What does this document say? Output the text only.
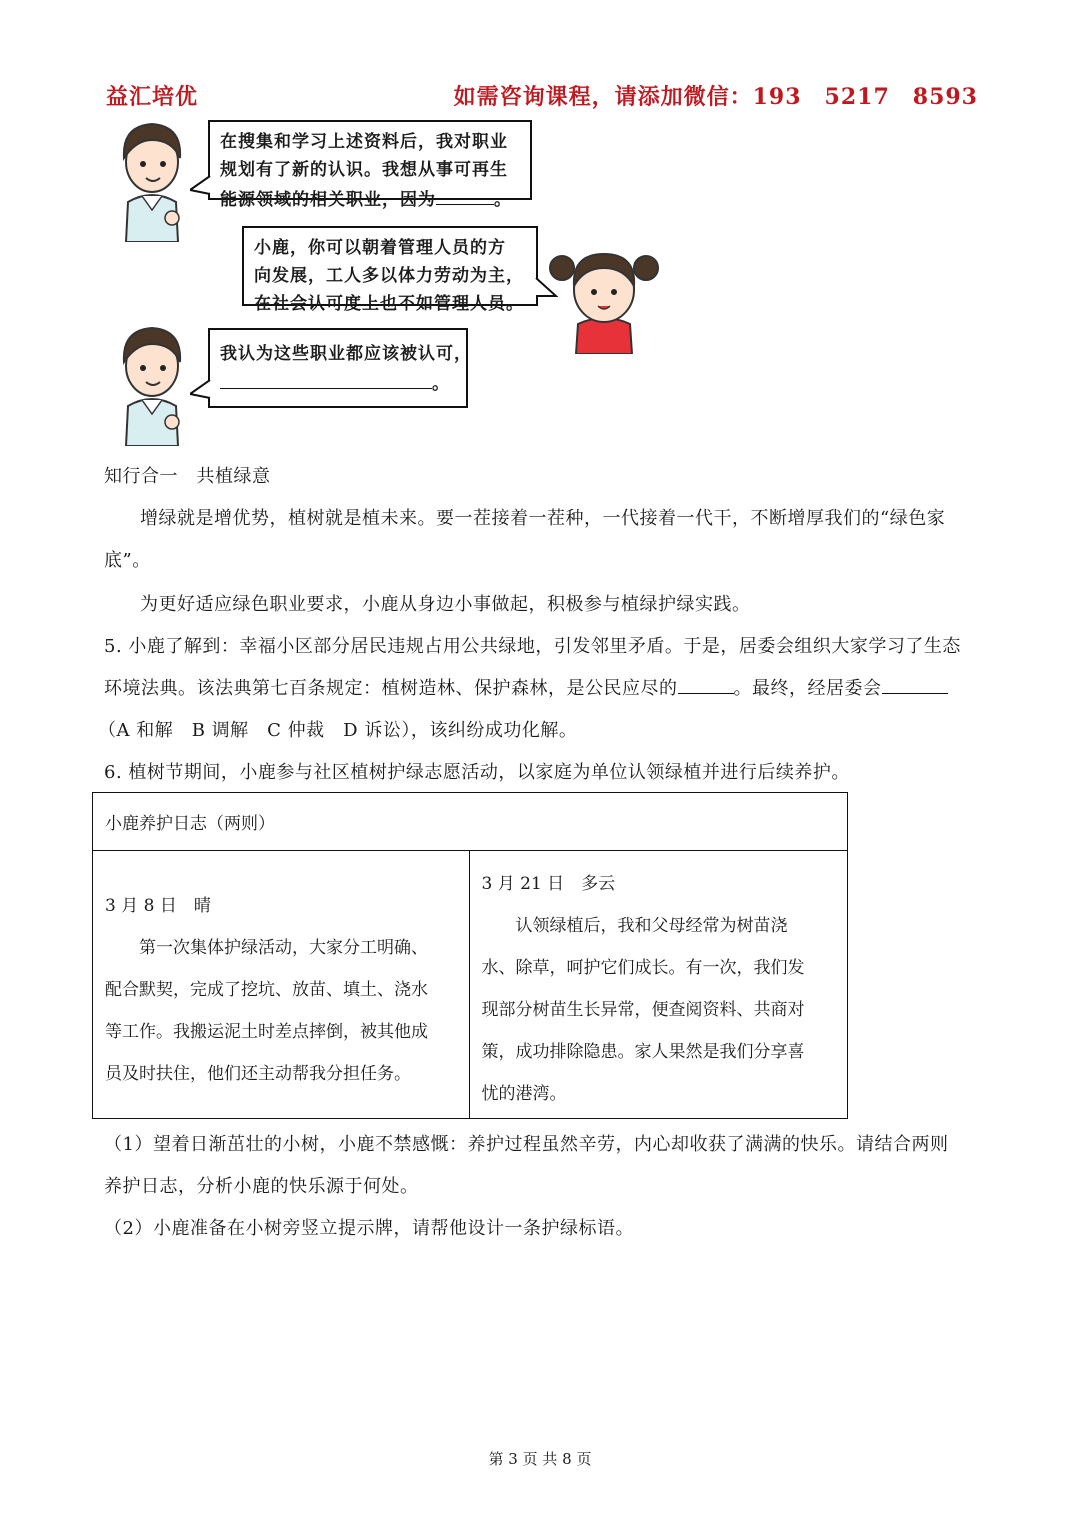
益汇培优	如需咨询课程，请添加微信：193　5217　8593
在搜集和学习上述资料后，我对职业
规划有了新的认识。我想从事可再生
能源领域的相关职业，因为	。
小鹿，你可以朝着管理人员的方
向发展，工人多以体力劳动为主，
在社会认可度上也不如管理人员。
我认为这些职业都应该被认可，
。
知行合一　共植绿意
增绿就是增优势，植树就是植未来。要一茬接着一茬种，一代接着一代干，不断增厚我们的“绿色家
底”。
为更好适应绿色职业要求，小鹿从身边小事做起，积极参与植绿护绿实践。
5. 小鹿了解到：幸福小区部分居民违规占用公共绿地，引发邻里矛盾。于是，居委会组织大家学习了生态
环境法典。该法典第七百条规定：植树造林、保护森林，是公民应尽的	。最终，经居委会
（A 和解　B 调解　C 仲裁　D 诉讼），该纠纷成功化解。
6. 植树节期间，小鹿参与社区植树护绿志愿活动，以家庭为单位认领绿植并进行后续养护。
小鹿养护日志（两则）

3 月 8 日　晴
　　第一次集体护绿活动，大家分工明确、
配合默契，完成了挖坑、放苗、填土、浇水
等工作。我搬运泥土时差点摔倒，被其他成
员及时扶住，他们还主动帮我分担任务。

3 月 21 日　多云
　　认领绿植后，我和父母经常为树苗浇
水、除草，呵护它们成长。有一次，我们发
现部分树苗生长异常，便查阅资料、共商对
策，成功排除隐患。家人果然是我们分享喜
忧的港湾。
（1）望着日渐茁壮的小树，小鹿不禁感慨：养护过程虽然辛劳，内心却收获了满满的快乐。请结合两则
养护日志，分析小鹿的快乐源于何处。
（2）小鹿准备在小树旁竖立提示牌，请帮他设计一条护绿标语。
第 3 页 共 8 页
